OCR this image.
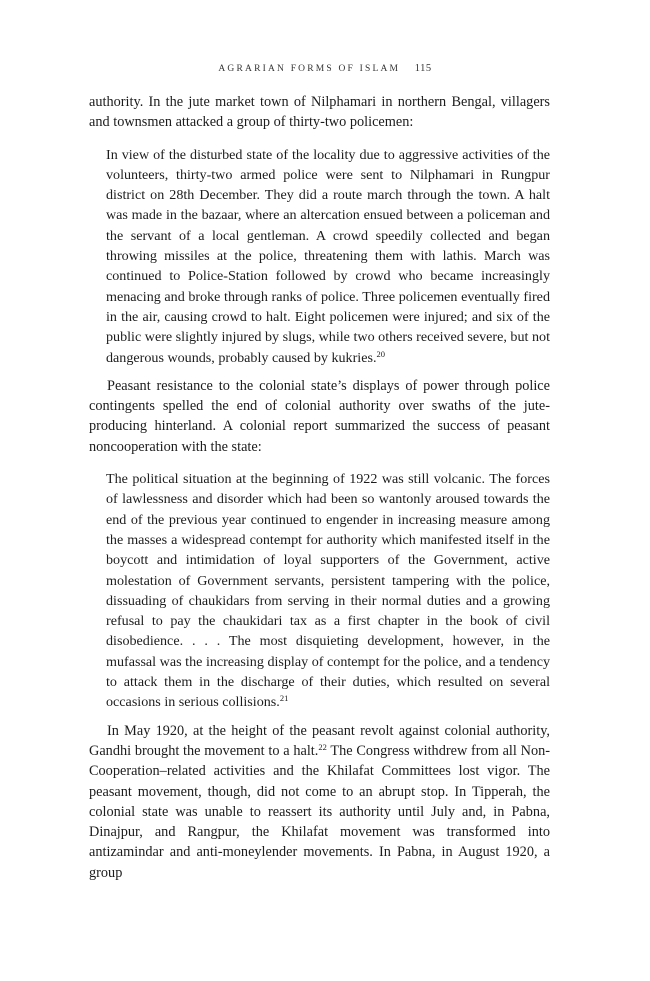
AGRARIAN FORMS OF ISLAM 115

authority. In the jute market town of Nilphamari in northern Bengal, villagers and townsmen attacked a group of thirty-two policemen:

In view of the disturbed state of the locality due to aggressive activities of the volunteers, thirty-two armed police were sent to Nilphamari in Rungpur district on 28th December. They did a route march through the town. A halt was made in the bazaar, where an altercation ensued between a policeman and the servant of a local gentleman. A crowd speedily collected and began throwing missiles at the police, threatening them with lathis. March was continued to Police-Station followed by crowd who became increasingly menacing and broke through ranks of police. Three policemen eventually fired in the air, causing crowd to halt. Eight policemen were injured; and six of the public were slightly injured by slugs, while two others received severe, but not dangerous wounds, probably caused by kukries.$^{20}$

Peasant resistance to the colonial state’s displays of power through police contingents spelled the end of colonial authority over swaths of the jute-producing hinterland. A colonial report summarized the success of peasant noncooperation with the state:

The political situation at the beginning of 1922 was still volcanic. The forces of lawlessness and disorder which had been so wantonly aroused towards the end of the previous year continued to engender in increasing measure among the masses a widespread contempt for authority which manifested itself in the boycott and intimidation of loyal supporters of the Government, active molestation of Government servants, persistent tampering with the police, dissuading of chaukidars from serving in their normal duties and a growing refusal to pay the chaukidari tax as a first chapter in the book of civil disobedience. . . . The most disquieting development, however, in the mufassal was the increasing display of contempt for the police, and a tendency to attack them in the discharge of their duties, which resulted on several occasions in serious collisions.$^{21}$

In May 1920, at the height of the peasant revolt against colonial authority, Gandhi brought the movement to a halt.$^{22}$ The Congress withdrew from all Non-Cooperation–related activities and the Khilafat Committees lost vigor. The peasant movement, though, did not come to an abrupt stop. In Tipperah, the colonial state was unable to reassert its authority until July and, in Pabna, Dinajpur, and Rangpur, the Khilafat movement was transformed into antizamindar and anti-moneylender movements. In Pabna, in August 1920, a group
